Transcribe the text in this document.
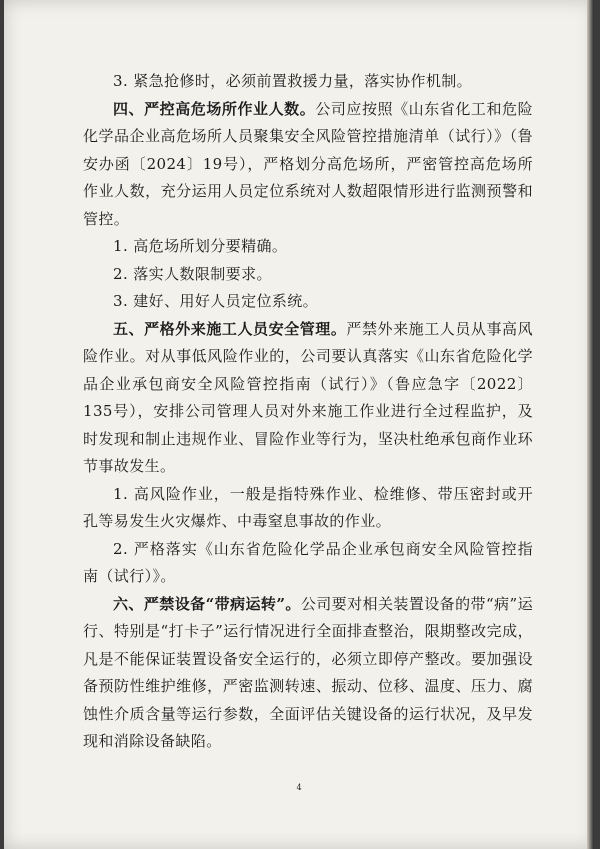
3. 紧急抢修时，必须前置救援力量，落实协作机制。

四、严控高危场所作业人数。公司应按照《山东省化工和危险化学品企业高危场所人员聚集安全风险管控措施清单（试行）》（鲁安办函〔2024〕19号），严格划分高危场所，严密管控高危场所作业人数，充分运用人员定位系统对人数超限情形进行监测预警和管控。

1. 高危场所划分要精确。

2. 落实人数限制要求。

3. 建好、用好人员定位系统。

五、严格外来施工人员安全管理。严禁外来施工人员从事高风险作业。对从事低风险作业的，公司要认真落实《山东省危险化学品企业承包商安全风险管控指南（试行）》（鲁应急字〔2022〕135号），安排公司管理人员对外来施工作业进行全过程监护，及时发现和制止违规作业、冒险作业等行为，坚决杜绝承包商作业环节事故发生。

1. 高风险作业，一般是指特殊作业、检维修、带压密封或开孔等易发生火灾爆炸、中毒窒息事故的作业。

2. 严格落实《山东省危险化学品企业承包商安全风险管控指南（试行）》。

六、严禁设备“带病运转”。公司要对相关装置设备的带“病”运行、特别是“打卡子”运行情况进行全面排查整治，限期整改完成，凡是不能保证装置设备安全运行的，必须立即停产整改。要加强设备预防性维护维修，严密监测转速、振动、位移、温度、压力、腐蚀性介质含量等运行参数，全面评估关键设备的运行状况，及早发现和消除设备缺陷。

4
